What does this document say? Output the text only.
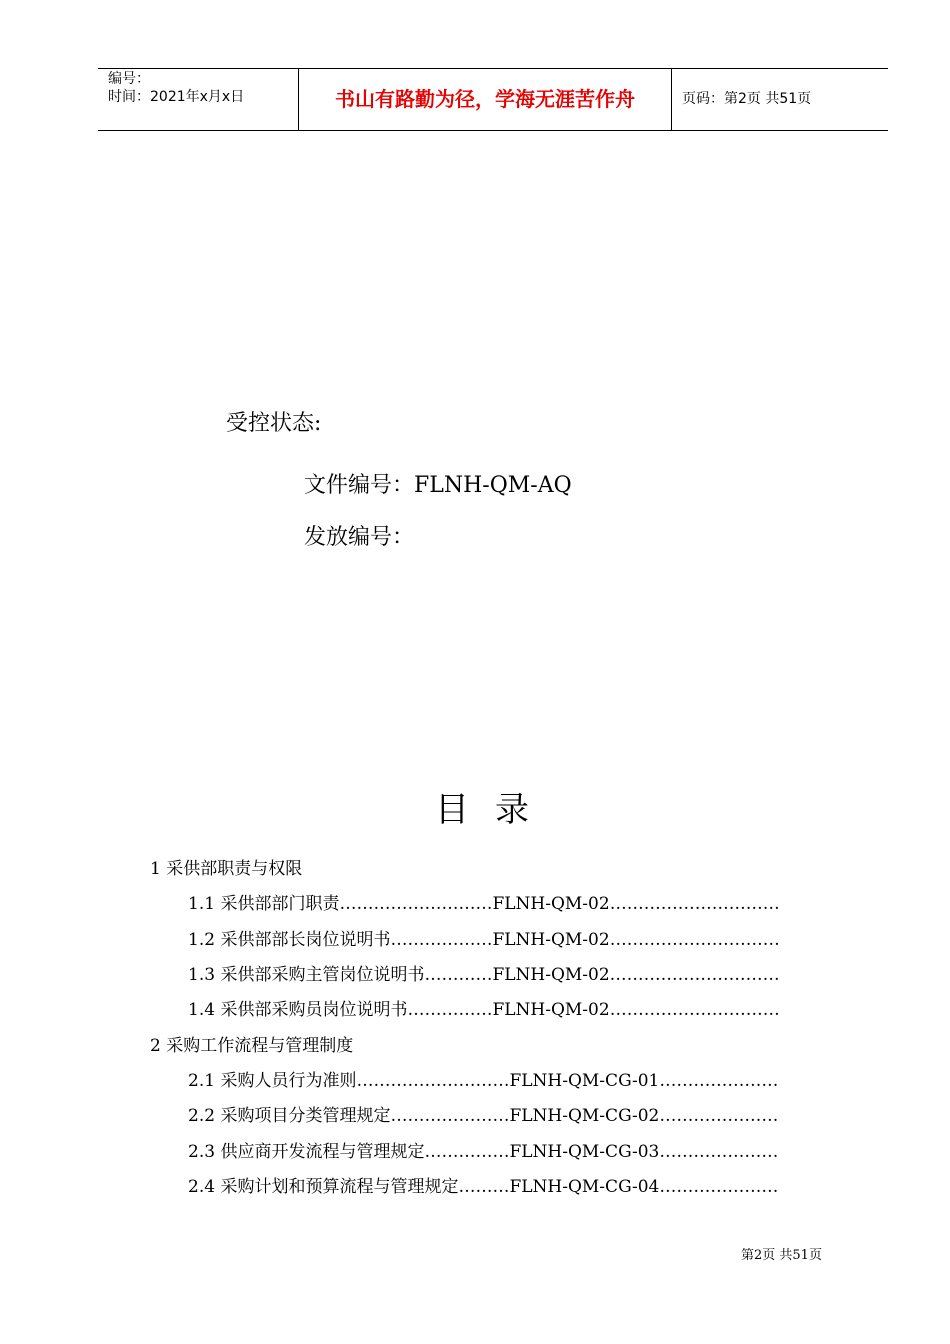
编号：
时间：2021年x月x日	书山有路勤为径，学海无涯苦作舟	页码：第2页 共51页
受控状态:
文件编号：FLNH-QM-AQ
发放编号：
目录
1 采供部职责与权限
1.1 采供部部门职责………………………FLNH-QM-02…………………………
1.2 采供部部长岗位说明书………………FLNH-QM-02…………………………
1.3 采供部采购主管岗位说明书…………FLNH-QM-02…………………………
1.4 采供部采购员岗位说明书……………FLNH-QM-02…………………………
2 采购工作流程与管理制度
2.1 采购人员行为准则………………………FLNH-QM-CG-01…………………
2.2 采购项目分类管理规定…………………FLNH-QM-CG-02…………………
2.3 供应商开发流程与管理规定……………FLNH-QM-CG-03…………………
2.4 采购计划和预算流程与管理规定………FLNH-QM-CG-04…………………
第2页 共51页
